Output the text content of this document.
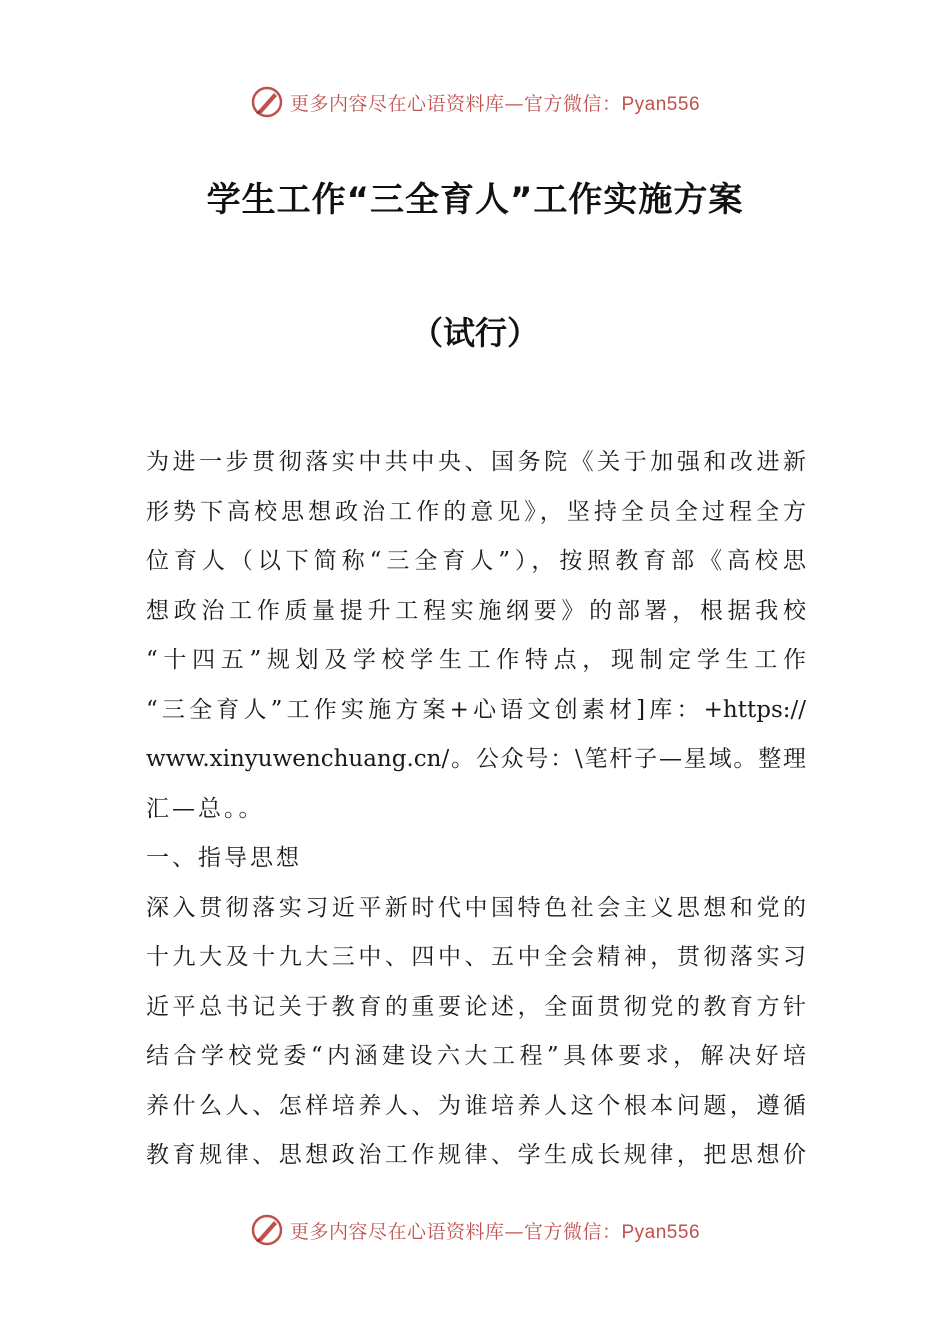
更多内容尽在心语资料库—官方微信：Pyan556
学生工作“三全育人”工作实施方案
（试行）
为进一步贯彻落实中共中央、国务院《关于加强和改进新
形势下高校思想政治工作的意见》，坚持全员全过程全方
位育人（以下简称“三全育人”），按照教育部《高校思
想政治工作质量提升工程实施纲要》的部署，根据我校
“十四五”规划及学校学生工作特点，现制定学生工作
“三全育人”工作实施方案+心语文创素材]库：+https://
www.xinyuwenchuang.cn/。公众号：\笔杆子—星域。整理
汇—总。。
一、指导思想
深入贯彻落实习近平新时代中国特色社会主义思想和党的
十九大及十九大三中、四中、五中全会精神，贯彻落实习
近平总书记关于教育的重要论述，全面贯彻党的教育方针
结合学校党委“内涵建设六大工程”具体要求，解决好培
养什么人、怎样培养人、为谁培养人这个根本问题，遵循
教育规律、思想政治工作规律、学生成长规律，把思想价
更多内容尽在心语资料库—官方微信：Pyan556
